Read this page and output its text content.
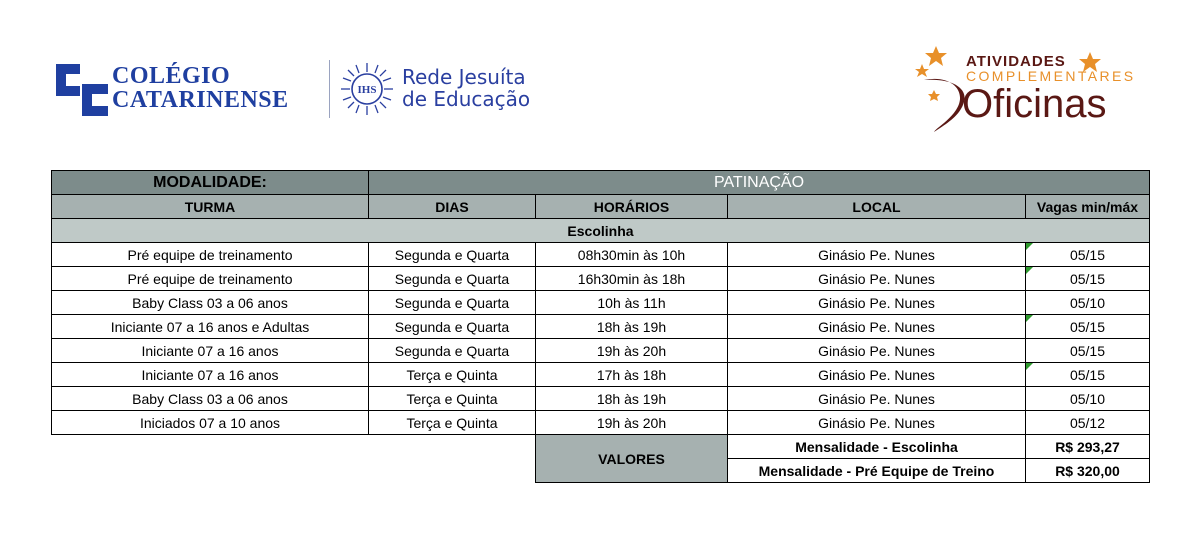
COLÉGIO
CATARINENSE	IHS
Rede Jesuíta
de Educação
ATIVIDADES
COMPLEMENTARES
Oficinas
MODALIDADE:	PATINAÇÃO			
TURMA	DIAS	HORÁRIOS	LOCAL	Vagas min/máx
Escolinha				
Pré equipe de treinamento	Segunda e Quarta	08h30min às 10h	Ginásio Pe. Nunes	05/15
Pré equipe de treinamento	Segunda e Quarta	16h30min às 18h	Ginásio Pe. Nunes	05/15
Baby Class 03 a 06 anos	Segunda e Quarta	10h às 11h	Ginásio Pe. Nunes	05/10
Iniciante 07 a 16 anos e Adultas	Segunda e Quarta	18h às 19h	Ginásio Pe. Nunes	05/15
Iniciante 07 a 16 anos	Segunda e Quarta	19h às 20h	Ginásio Pe. Nunes	05/15
Iniciante 07 a 16 anos	Terça e Quinta	17h às 18h	Ginásio Pe. Nunes	05/15
Baby Class 03 a 06 anos	Terça e Quinta	18h às 19h	Ginásio Pe. Nunes	05/10
Iniciados 07 a 10 anos	Terça e Quinta	19h às 20h	Ginásio Pe. Nunes	05/12
		VALORES	Mensalidade - Escolinha	R$ 293,27
			Mensalidade - Pré Equipe de Treino	R$ 320,00
